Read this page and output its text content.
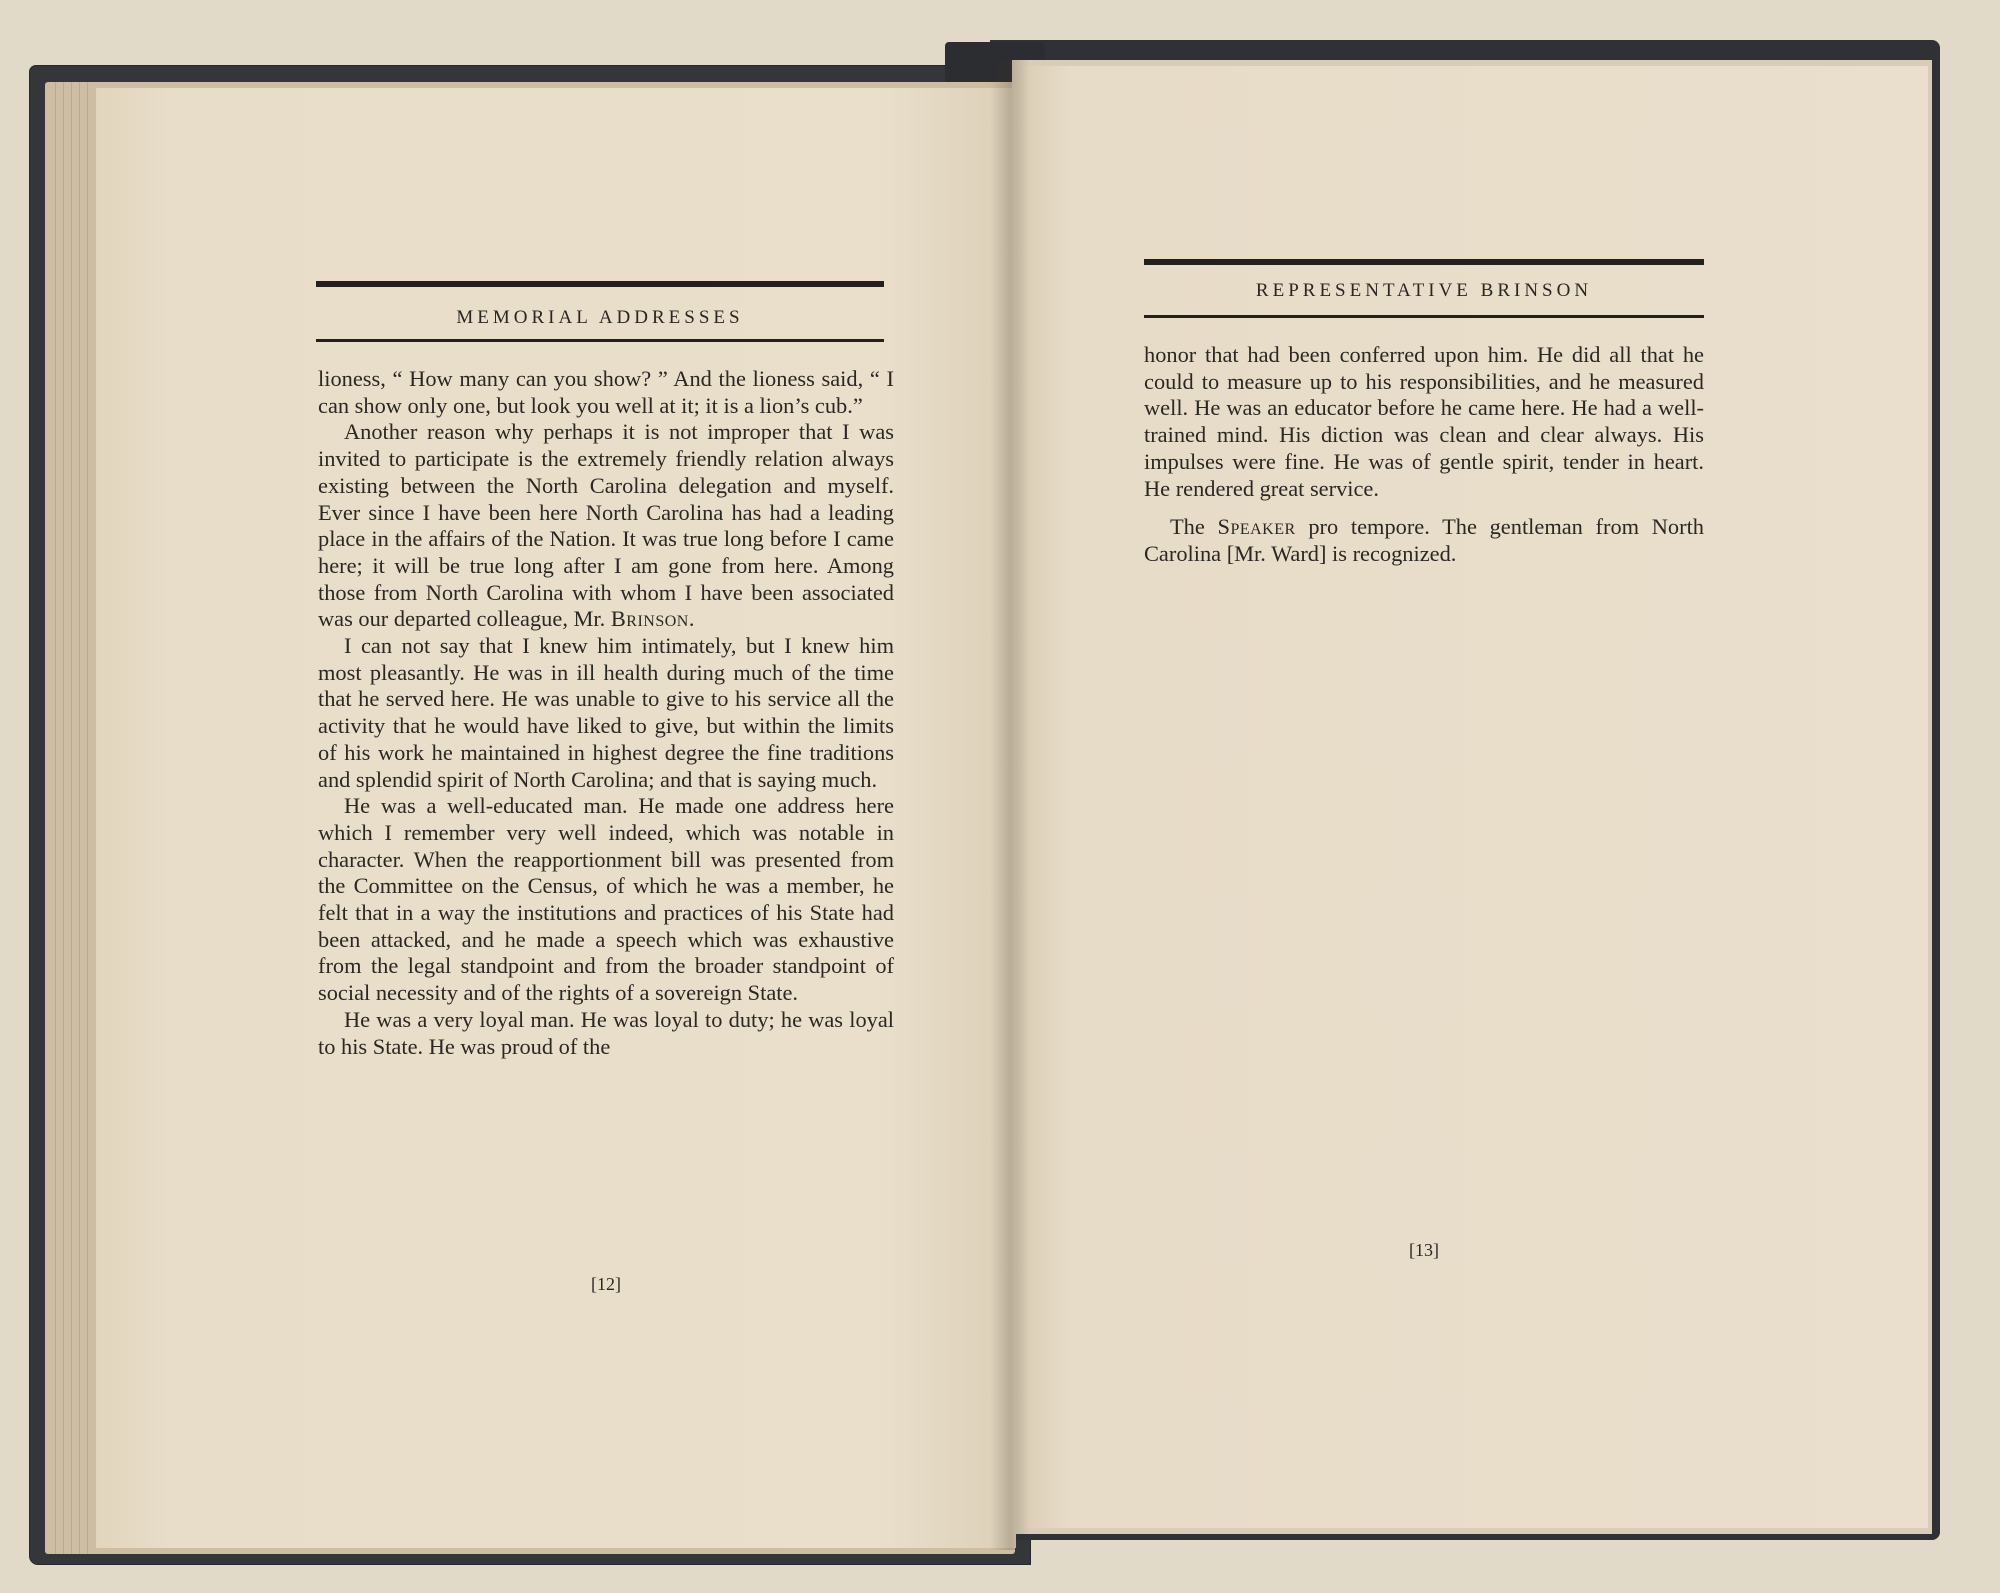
MEMORIAL ADDRESSES

lioness, “ How many can you show? ” And the lioness said, “ I can show only one, but look you well at it; it is a lion’s cub.”

Another reason why perhaps it is not improper that I was invited to participate is the extremely friendly relation always existing between the North Carolina delegation and myself. Ever since I have been here North Carolina has had a leading place in the affairs of the Nation. It was true long before I came here; it will be true long after I am gone from here. Among those from North Carolina with whom I have been associated was our departed colleague, Mr. Brinson.

I can not say that I knew him intimately, but I knew him most pleasantly. He was in ill health during much of the time that he served here. He was unable to give to his service all the activity that he would have liked to give, but within the limits of his work he maintained in highest degree the fine traditions and splendid spirit of North Carolina; and that is saying much.

He was a well-educated man. He made one address here which I remember very well indeed, which was notable in character. When the reapportionment bill was presented from the Committee on the Census, of which he was a member, he felt that in a way the institutions and practices of his State had been attacked, and he made a speech which was exhaustive from the legal standpoint and from the broader standpoint of social necessity and of the rights of a sovereign State.

He was a very loyal man. He was loyal to duty; he was loyal to his State. He was proud of the

[12]
REPRESENTATIVE BRINSON

honor that had been conferred upon him. He did all that he could to measure up to his responsibilities, and he measured well. He was an educator before he came here. He had a well-trained mind. His diction was clean and clear always. His impulses were fine. He was of gentle spirit, tender in heart. He rendered great service.

The Speaker pro tempore. The gentleman from North Carolina [Mr. Ward] is recognized.

[13]
